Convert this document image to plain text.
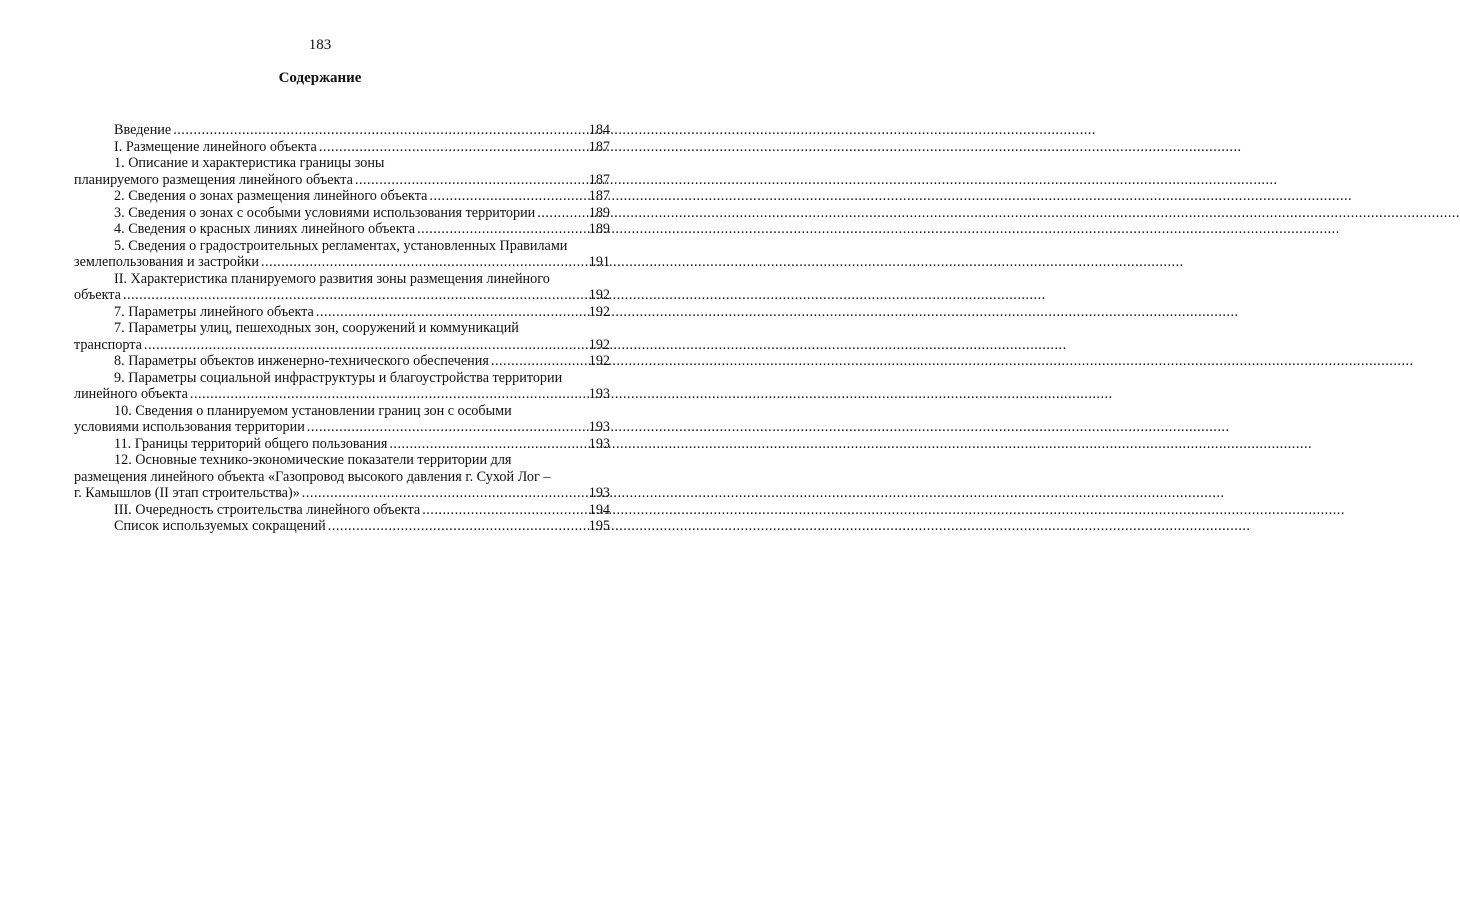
183
Содержание
Введение .....	184
I. Размещение линейного объекта .....	187
1. Описание и характеристика границы зоны
планируемого размещения линейного объекта .....	187
2. Сведения о зонах размещения линейного объекта .....	187
3. Сведения о зонах с особыми условиями использования территории .....	189
4. Сведения о красных линиях линейного объекта .....	189
5. Сведения о градостроительных регламентах, установленных Правилами
землепользования и застройки .....	191
II. Характеристика планируемого развития зоны размещения линейного
объекта .....	192
7. Параметры линейного объекта .....	192
7. Параметры улиц, пешеходных зон, сооружений и коммуникаций
транспорта .....	192
8. Параметры объектов инженерно-технического обеспечения .....	192
9. Параметры социальной инфраструктуры и благоустройства территории
линейного объекта .....	193
10. Сведения о планируемом установлении границ зон с особыми
условиями использования территории .....	193
11. Границы территорий общего пользования .....	193
12. Основные технико-экономические показатели территории для
размещения линейного объекта «Газопровод высокого давления г. Сухой Лог –
г. Камышлов (II этап строительства)» .....	193
III. Очередность строительства линейного объекта .....	194
Список используемых сокращений .....	195
